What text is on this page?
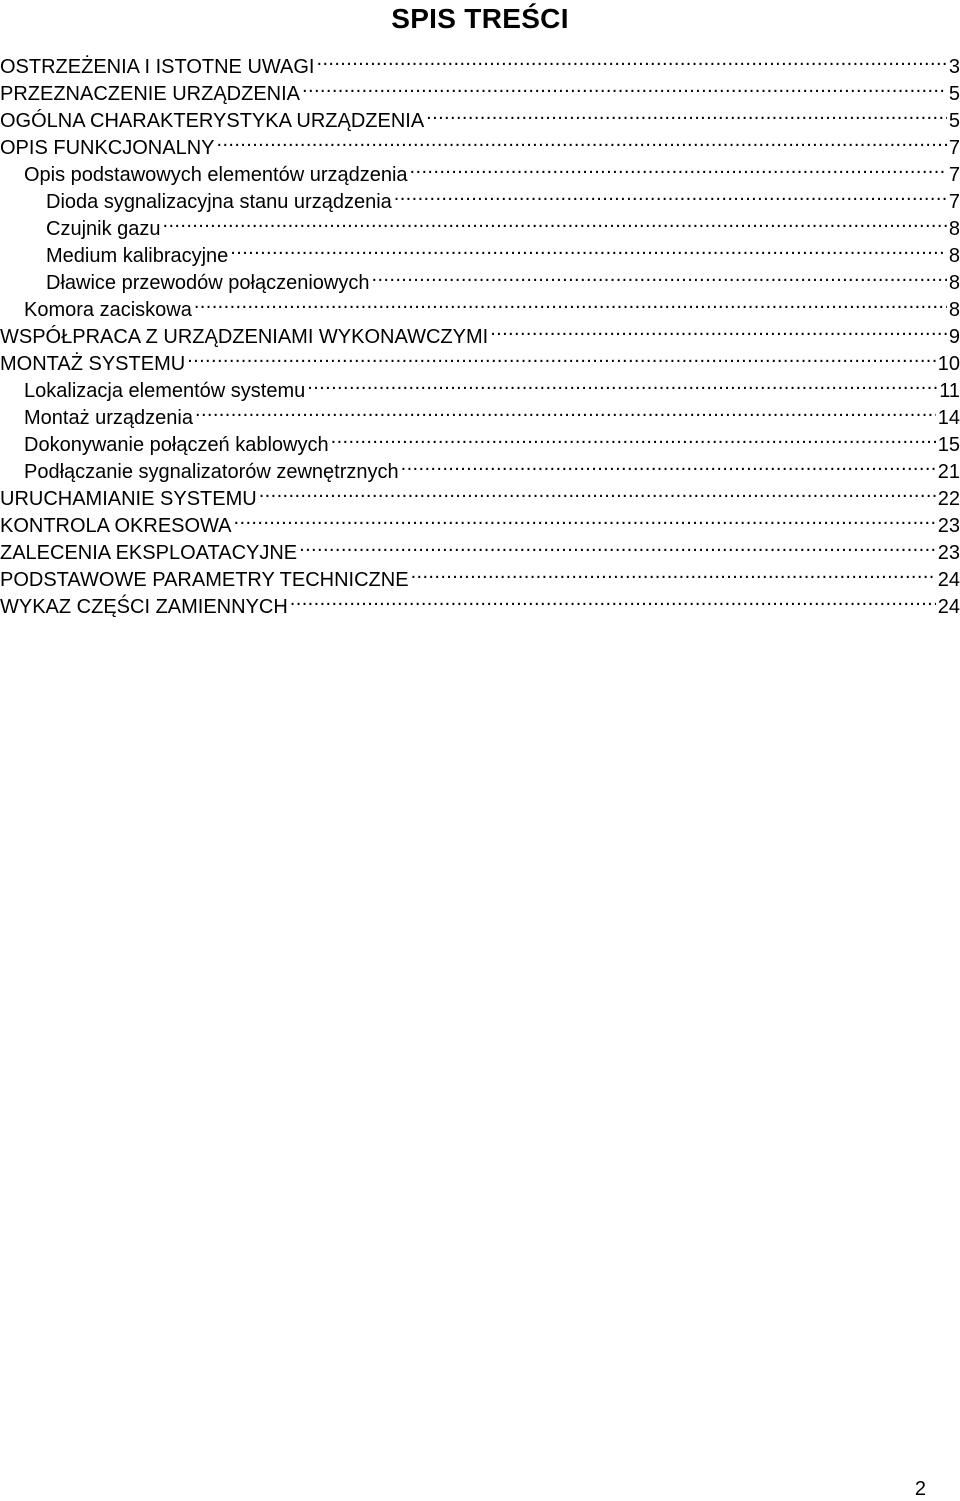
SPIS TREŚCI
OSTRZEŻENIA I ISTOTNE UWAGI .....	3
PRZEZNACZENIE URZĄDZENIA .....	5
OGÓLNA CHARAKTERYSTYKA URZĄDZENIA .....	5
OPIS FUNKCJONALNY .....	7
Opis podstawowych elementów urządzenia .....	7
Dioda sygnalizacyjna stanu urządzenia .....	7
Czujnik gazu .....	8
Medium kalibracyjne .....	8
Dławice przewodów połączeniowych .....	8
Komora zaciskowa .....	8
WSPÓŁPRACA Z URZĄDZENIAMI WYKONAWCZYMI .....	9
MONTAŻ SYSTEMU .....	10
Lokalizacja elementów systemu .....	11
Montaż urządzenia .....	14
Dokonywanie połączeń kablowych .....	15
Podłączanie sygnalizatorów zewnętrznych .....	21
URUCHAMIANIE SYSTEMU .....	22
KONTROLA OKRESOWA .....	23
ZALECENIA EKSPLOATACYJNE .....	23
PODSTAWOWE PARAMETRY TECHNICZNE .....	24
WYKAZ CZĘŚCI ZAMIENNYCH .....	24
2
